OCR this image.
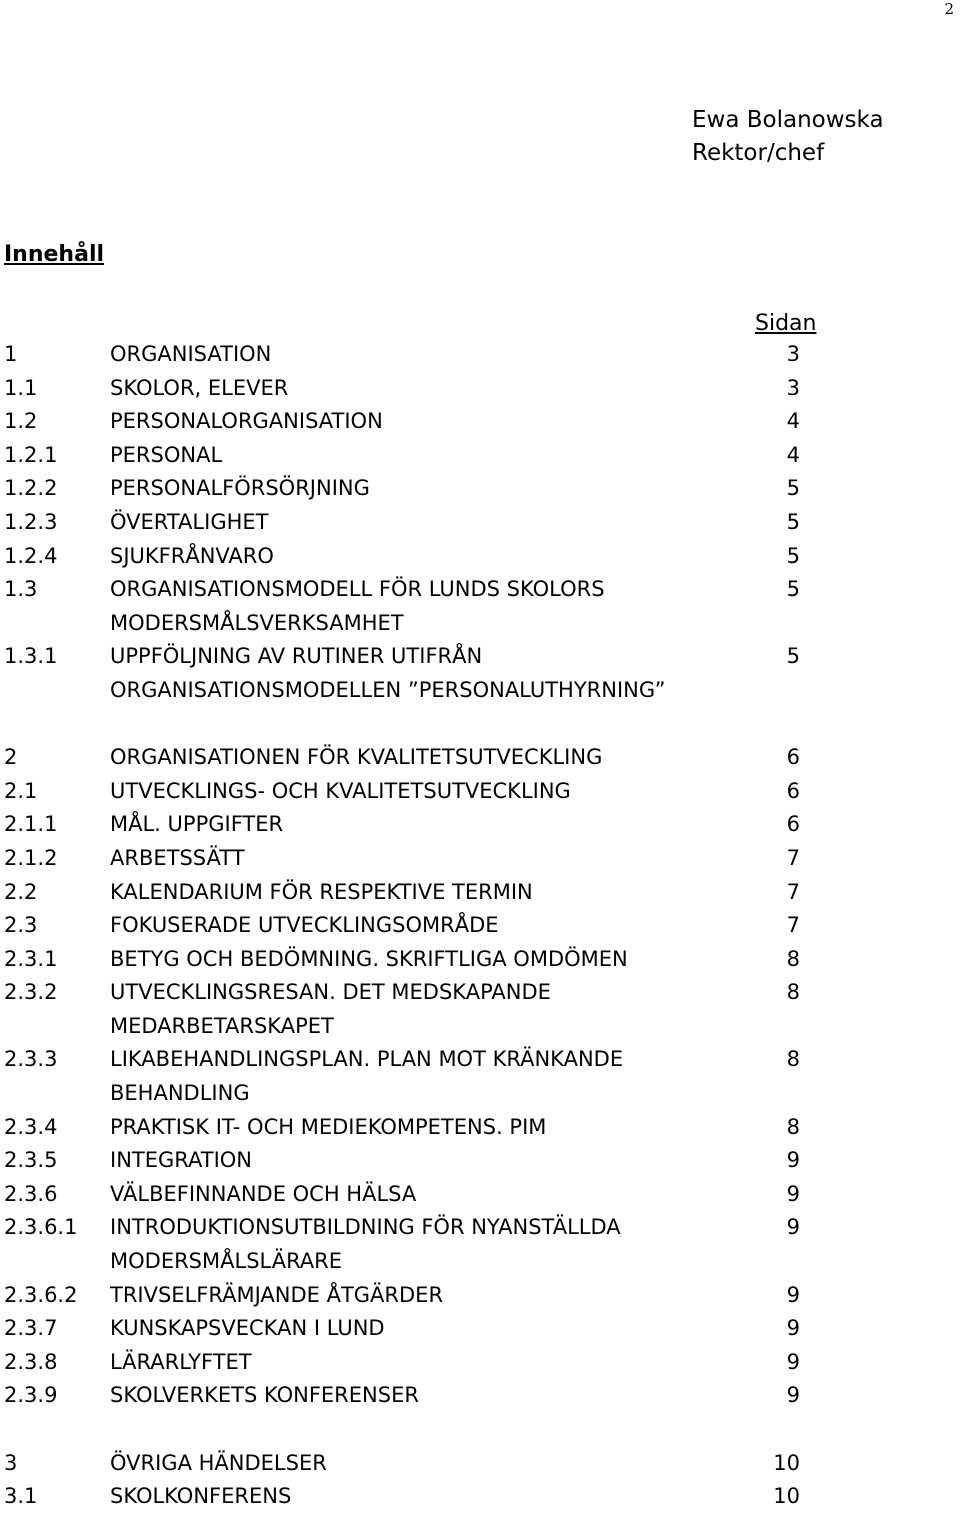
2
Ewa Bolanowska
Rektor/chef
Innehåll
Sidan
1	ORGANISATION	3
1.1	SKOLOR, ELEVER	3
1.2	PERSONALORGANISATION	4
1.2.1	PERSONAL	4
1.2.2	PERSONALFÖRSÖRJNING	5
1.2.3	ÖVERTALIGHET	5
1.2.4	SJUKFRÅNVARO	5
1.3	ORGANISATIONSMODELL FÖR LUNDS SKOLORS	5
MODERSMÅLSVERKSAMHET
1.3.1	UPPFÖLJNING AV RUTINER UTIFRÅN	5
ORGANISATIONSMODELLEN ”PERSONALUTHYRNING”
2	ORGANISATIONEN FÖR KVALITETSUTVECKLING	6
2.1	UTVECKLINGS- OCH KVALITETSUTVECKLING	6
2.1.1	MÅL. UPPGIFTER	6
2.1.2	ARBETSSÄTT	7
2.2	KALENDARIUM FÖR RESPEKTIVE TERMIN	7
2.3	FOKUSERADE UTVECKLINGSOMRÅDE	7
2.3.1	BETYG OCH BEDÖMNING. SKRIFTLIGA OMDÖMEN	8
2.3.2	UTVECKLINGSRESAN. DET MEDSKAPANDE	8
MEDARBETARSKAPET
2.3.3	LIKABEHANDLINGSPLAN. PLAN MOT KRÄNKANDE	8
BEHANDLING
2.3.4	PRAKTISK IT- OCH MEDIEKOMPETENS. PIM	8
2.3.5	INTEGRATION	9
2.3.6	VÄLBEFINNANDE OCH HÄLSA	9
2.3.6.1	INTRODUKTIONSUTBILDNING FÖR NYANSTÄLLDA	9
MODERSMÅLSLÄRARE
2.3.6.2	TRIVSELFRÄMJANDE ÅTGÄRDER	9
2.3.7	KUNSKAPSVECKAN I LUND	9
2.3.8	LÄRARLYFTET	9
2.3.9	SKOLVERKETS KONFERENSER	9
3	ÖVRIGA HÄNDELSER	10
3.1	SKOLKONFERENS	10
